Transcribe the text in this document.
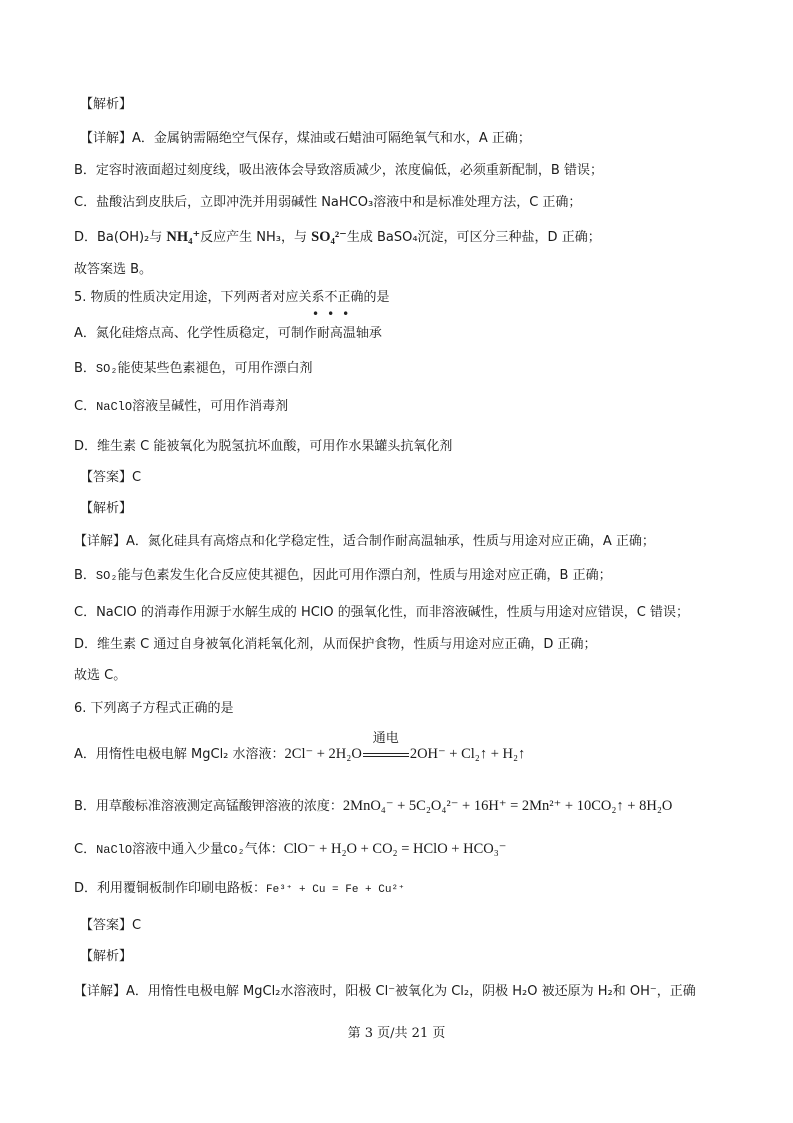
【解析】
【详解】A．金属钠需隔绝空气保存，煤油或石蜡油可隔绝氧气和水，A 正确；
B．定容时液面超过刻度线，吸出液体会导致溶质减少，浓度偏低，必须重新配制，B 错误；
C．盐酸沾到皮肤后，立即冲洗并用弱碱性 NaHCO₃溶液中和是标准处理方法，C 正确；
D．Ba(OH)₂与 NH₄⁺反应产生 NH₃，与 SO₄²⁻生成 BaSO₄沉淀，可区分三种盐，D 正确；
故答案选 B。
5. 物质的性质决定用途，下列两者对应关系不正确的是
•••
A．氮化硅熔点高、化学性质稳定，可制作耐高温轴承
B．SO₂能使某些色素褪色，可用作漂白剂
C．NaClO溶液呈碱性，可用作消毒剂
D．维生素 C 能被氧化为脱氢抗坏血酸，可用作水果罐头抗氧化剂
【答案】C
【解析】
【详解】A．氮化硅具有高熔点和化学稳定性，适合制作耐高温轴承，性质与用途对应正确，A 正确；
B．SO₂能与色素发生化合反应使其褪色，因此可用作漂白剂，性质与用途对应正确，B 正确；
C．NaClO 的消毒作用源于水解生成的 HClO 的强氧化性，而非溶液碱性，性质与用途对应错误，C 错误；
D．维生素 C 通过自身被氧化消耗氧化剂，从而保护食物，性质与用途对应正确，D 正确；
故选 C。
6. 下列离子方程式正确的是
A．用惰性电极电解 MgCl₂ 水溶液：2Cl⁻ + 2H₂O
通电
2OH⁻ + Cl₂↑ + H₂↑
B．用草酸标准溶液测定高锰酸钾溶液的浓度：2MnO₄⁻ + 5C₂O₄²⁻ + 16H⁺ = 2Mn²⁺ + 10CO₂↑ + 8H₂O
C．NaClO溶液中通入少量CO₂气体：ClO⁻ + H₂O + CO₂ = HClO + HCO₃⁻
D．利用覆铜板制作印刷电路板：Fe³⁺ + Cu = Fe + Cu²⁺
【答案】C
【解析】
【详解】A．用惰性电极电解 MgCl₂水溶液时，阳极 Cl⁻被氧化为 Cl₂，阴极 H₂O 被还原为 H₂和 OH⁻，正确
第 3 页/共 21 页
